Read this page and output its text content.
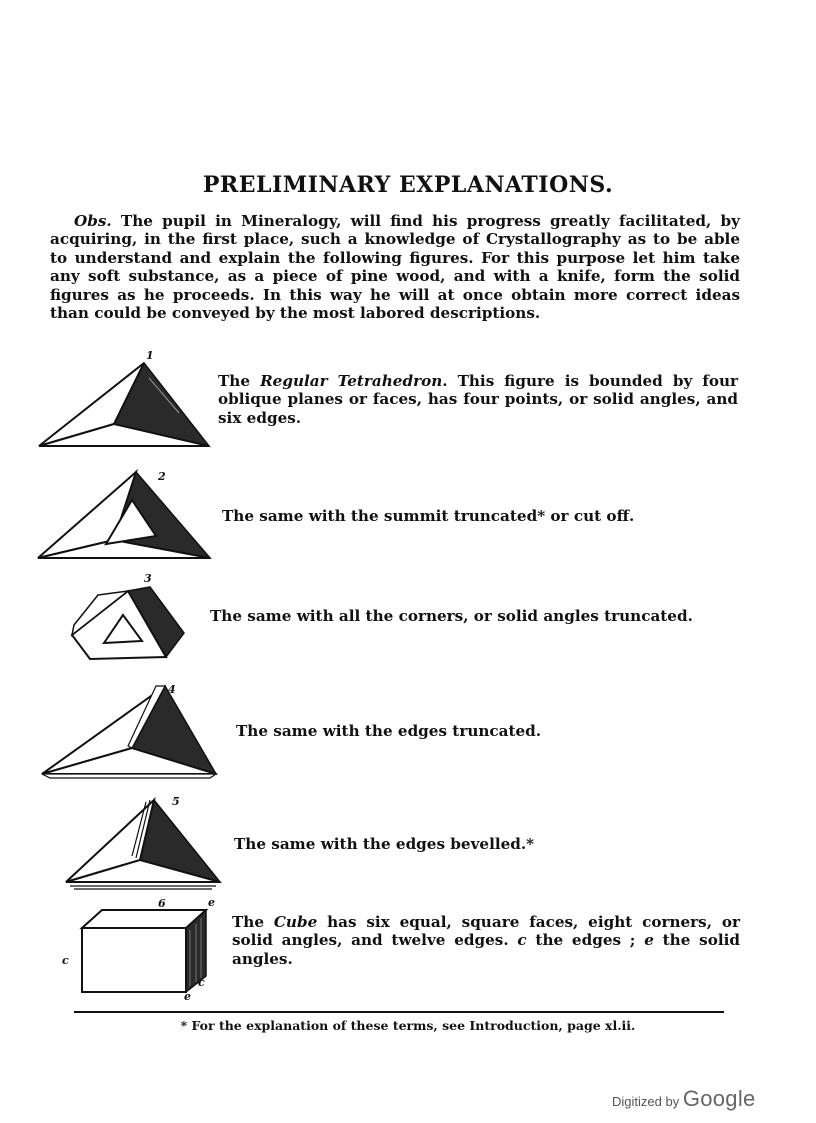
PRELIMINARY EXPLANATIONS.

Obs. The pupil in Mineralogy, will find his progress greatly facilitated, by acquiring, in the first place, such a knowledge of Crystallography as to be able to understand and explain the following figures. For this purpose let him take any soft substance, as a piece of pine wood, and with a knife, form the solid figures as he proceeds. In this way he will at once obtain more correct ideas than could be conveyed by the most labored descriptions.

1

The Regular Tetrahedron. This figure is bounded by four oblique planes or faces, has four points, or solid angles, and six edges.

2

The same with the summit truncated* or cut off.

3

The same with all the corners, or solid angles truncated.

4

The same with the edges truncated.

5

The same with the edges bevelled.*

6	e
c
c
e

The Cube has six equal, square faces, eight corners, or solid angles, and twelve edges. c the edges ; e the solid angles.

* For the explanation of these terms, see Introduction, page xl.ii.

Digitized by Google
